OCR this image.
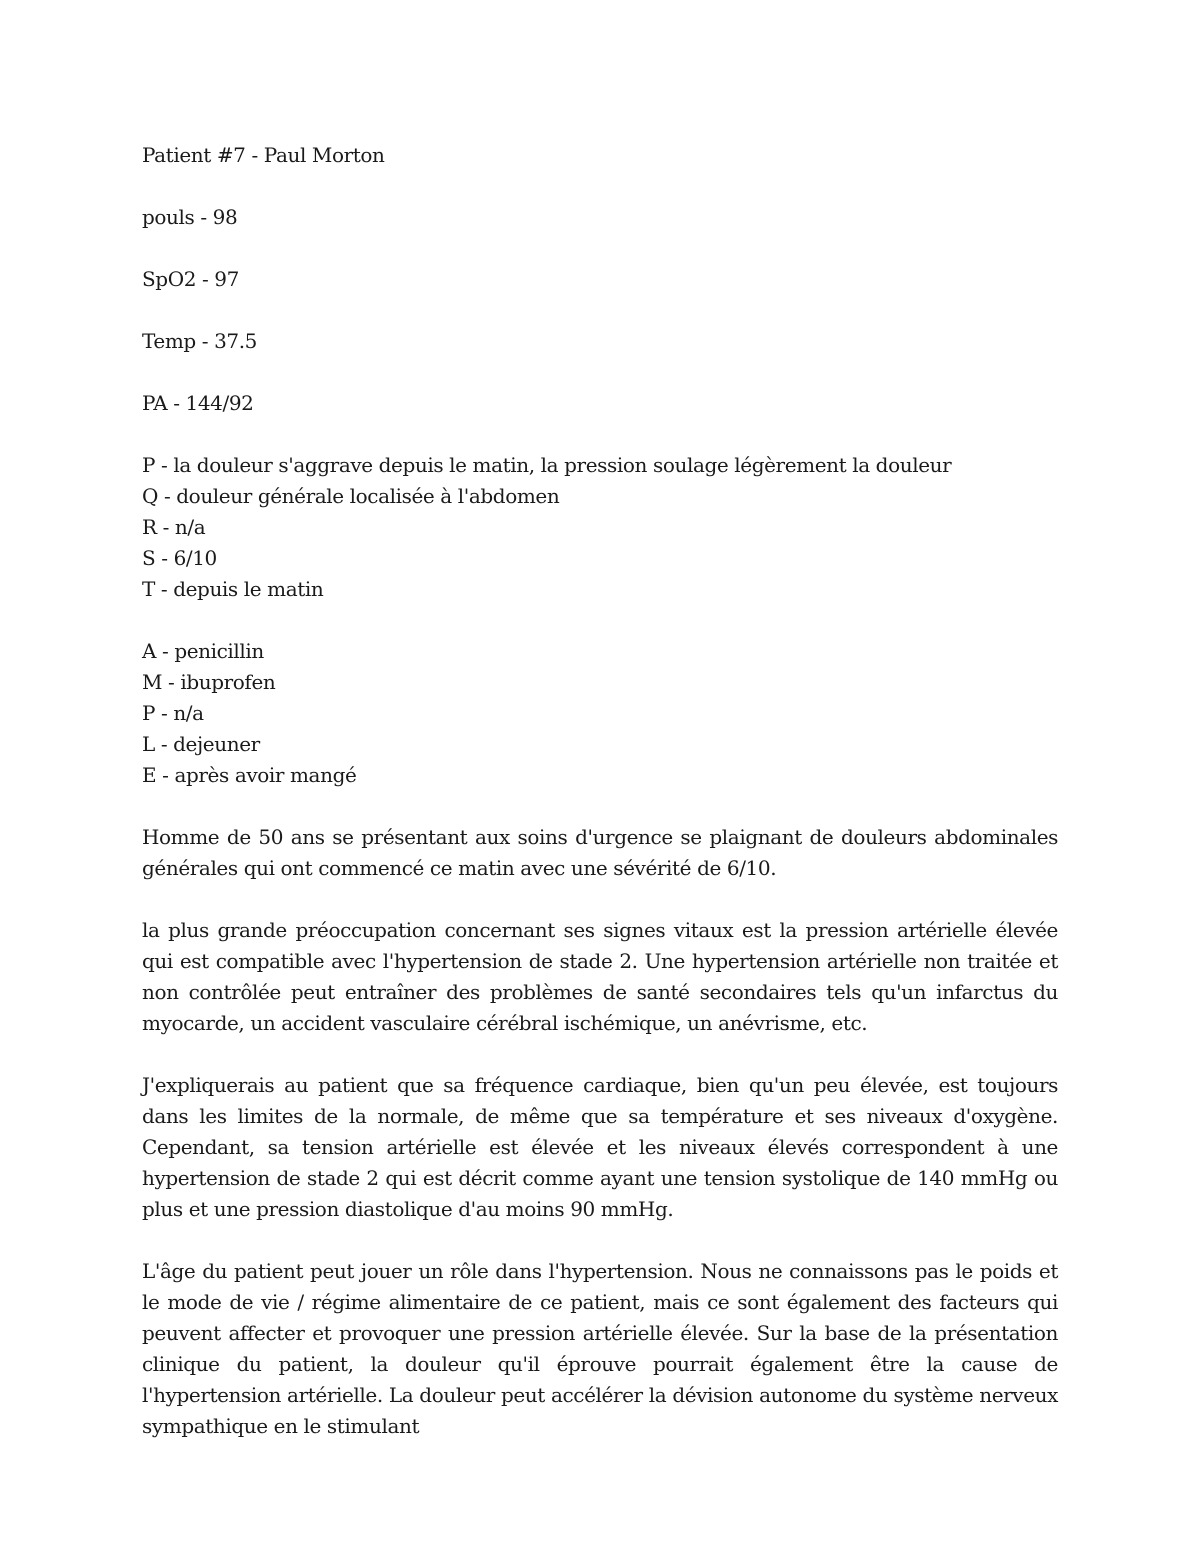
Patient #7 - Paul Morton
pouls - 98
SpO2 - 97
Temp - 37.5
PA - 144/92
P - la douleur s'aggrave depuis le matin, la pression soulage légèrement la douleur
Q - douleur générale localisée à l'abdomen
R - n/a
S - 6/10
T - depuis le matin
A - penicillin
M - ibuprofen
P - n/a
L - dejeuner
E - après avoir mangé

Homme de 50 ans se présentant aux soins d'urgence se plaignant de douleurs abdominales générales qui ont commencé ce matin avec une sévérité de 6/10.

la plus grande préoccupation concernant ses signes vitaux est la pression artérielle élevée qui est compatible avec l'hypertension de stade 2. Une hypertension artérielle non traitée et non contrôlée peut entraîner des problèmes de santé secondaires tels qu'un infarctus du myocarde, un accident vasculaire cérébral ischémique, un anévrisme, etc.

J'expliquerais au patient que sa fréquence cardiaque, bien qu'un peu élevée, est toujours dans les limites de la normale, de même que sa température et ses niveaux d'oxygène. Cependant, sa tension artérielle est élevée et les niveaux élevés correspondent à une hypertension de stade 2 qui est décrit comme ayant une tension systolique de 140 mmHg ou plus et une pression diastolique d'au moins 90 mmHg.

L'âge du patient peut jouer un rôle dans l'hypertension. Nous ne connaissons pas le poids et le mode de vie / régime alimentaire de ce patient, mais ce sont également des facteurs qui peuvent affecter et provoquer une pression artérielle élevée. Sur la base de la présentation clinique du patient, la douleur qu'il éprouve pourrait également être la cause de l'hypertension artérielle. La douleur peut accélérer la dévision autonome du système nerveux sympathique en le stimulant
